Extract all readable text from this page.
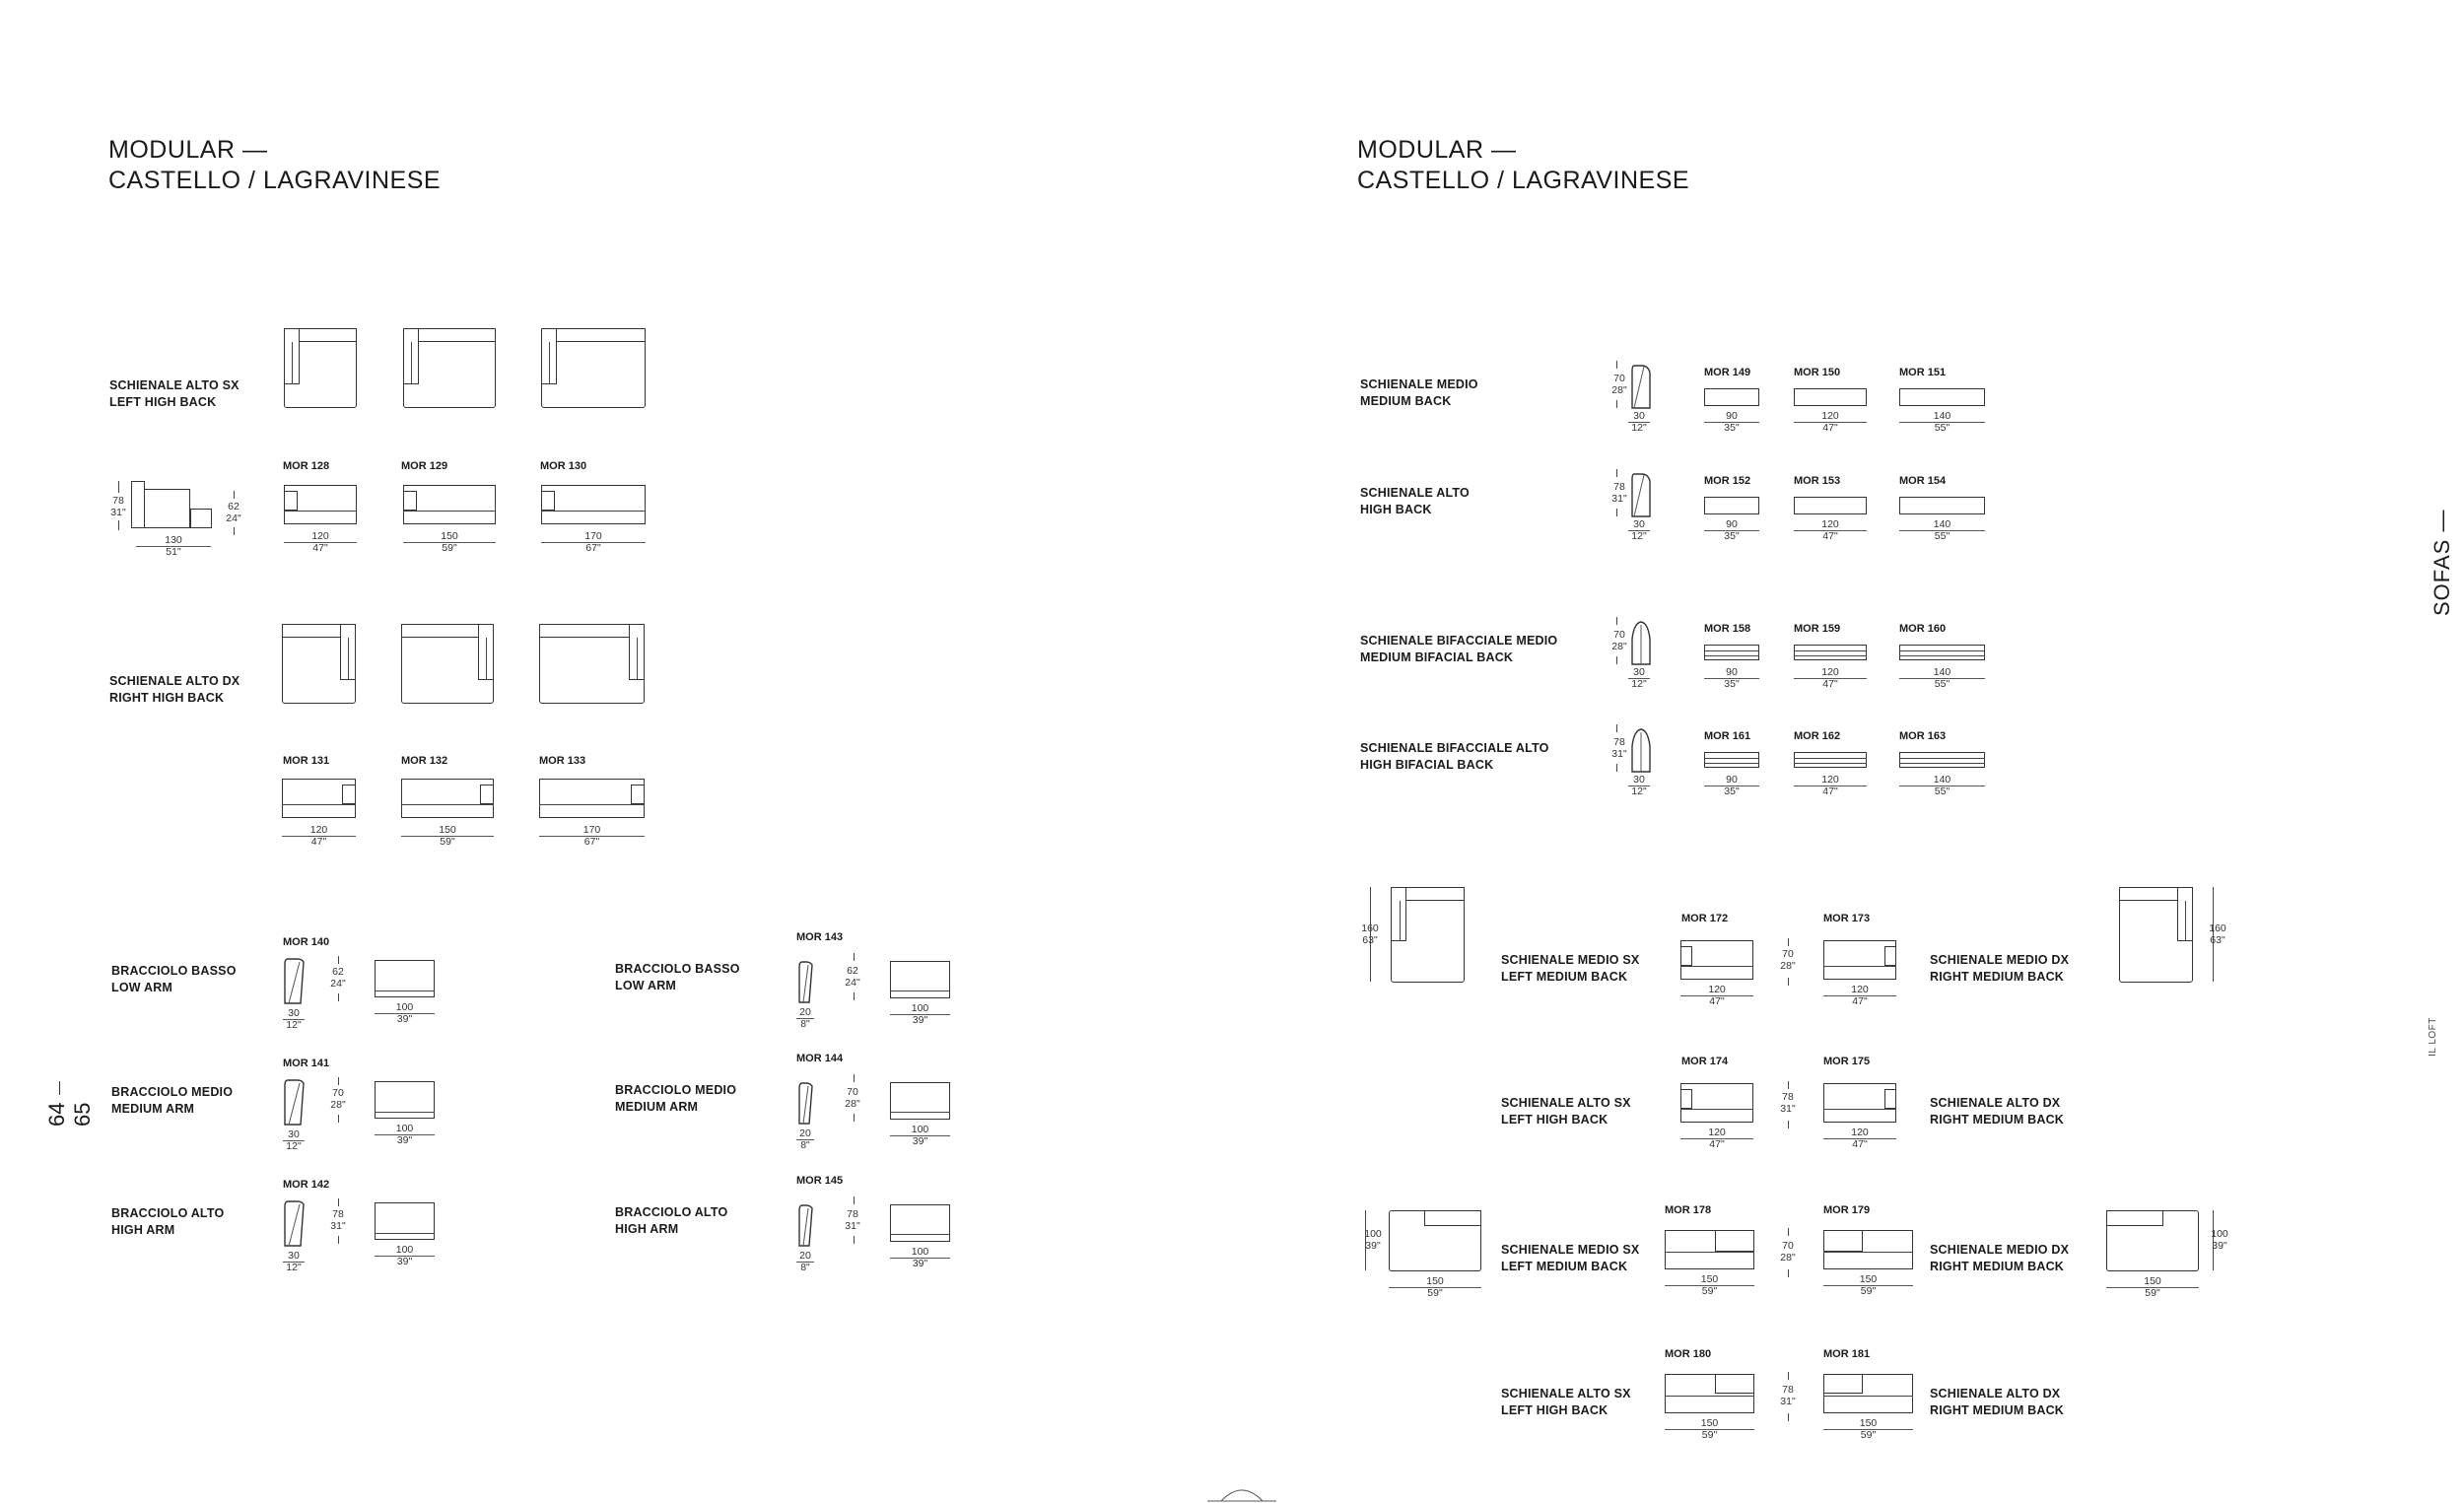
MODULAR —
CASTELLO / LAGRAVINESE
SCHIENALE ALTO SX
LEFT HIGH BACK
78
31"	62
24"
130
51"
MOR 128
120
47"
MOR 129
150
59"
MOR 130
170
67"
SCHIENALE ALTO DX
RIGHT HIGH BACK
MOR 131
120
47"
MOR 132
150
59"
MOR 133
170
67"
BRACCIOLO BASSO
LOW ARM
MOR 140
30
12"
62
24"
100
39"
BRACCIOLO MEDIO
MEDIUM ARM
MOR 141
30
12"
70
28"
100
39"
BRACCIOLO ALTO
HIGH ARM
MOR 142
30
12"
78
31"
100
39"
BRACCIOLO BASSO
LOW ARM
MOR 143
20
8"
62
24"
100
39"
BRACCIOLO MEDIO
MEDIUM ARM
MOR 144
20
8"
70
28"
100
39"
BRACCIOLO ALTO
HIGH ARM
MOR 145
20
8"
78
31"
100
39"
MODULAR —
CASTELLO / LAGRAVINESE
SCHIENALE MEDIO
MEDIUM BACK
70
28"
30
12"
MOR 149
90
35"
MOR 150
120
47"
MOR 151
140
55"
SCHIENALE ALTO
HIGH BACK
78
31"
30
12"
MOR 152
90
35"
MOR 153
120
47"
MOR 154
140
55"
SCHIENALE BIFACCIALE MEDIO
MEDIUM BIFACIAL BACK
70
28"
30
12"
MOR 158
90
35"
MOR 159
120
47"
MOR 160
140
55"
SCHIENALE BIFACCIALE ALTO
HIGH BIFACIAL BACK
78
31"
30
12"
MOR 161
90
35"
MOR 162
120
47"
MOR 163
140
55"
160
63"
160
63"
SCHIENALE MEDIO SX
LEFT MEDIUM BACK
SCHIENALE MEDIO DX
RIGHT MEDIUM BACK
MOR 172	MOR 173
120
47"
70
28"
120
47"
SCHIENALE ALTO SX
LEFT HIGH BACK
SCHIENALE ALTO DX
RIGHT MEDIUM BACK
MOR 174	MOR 175
120
47"
78
31"
120
47"
100
39"
150
59"
100
39"
150
59"
SCHIENALE MEDIO SX
LEFT MEDIUM BACK
SCHIENALE MEDIO DX
RIGHT MEDIUM BACK
MOR 178	MOR 179
150
59"
70
28"
150
59"
SCHIENALE ALTO SX
LEFT HIGH BACK
SCHIENALE ALTO DX
RIGHT MEDIUM BACK
MOR 180	MOR 181
150
59"
78
31"
150
59"
64  65
SOFAS —
IL LOFT
